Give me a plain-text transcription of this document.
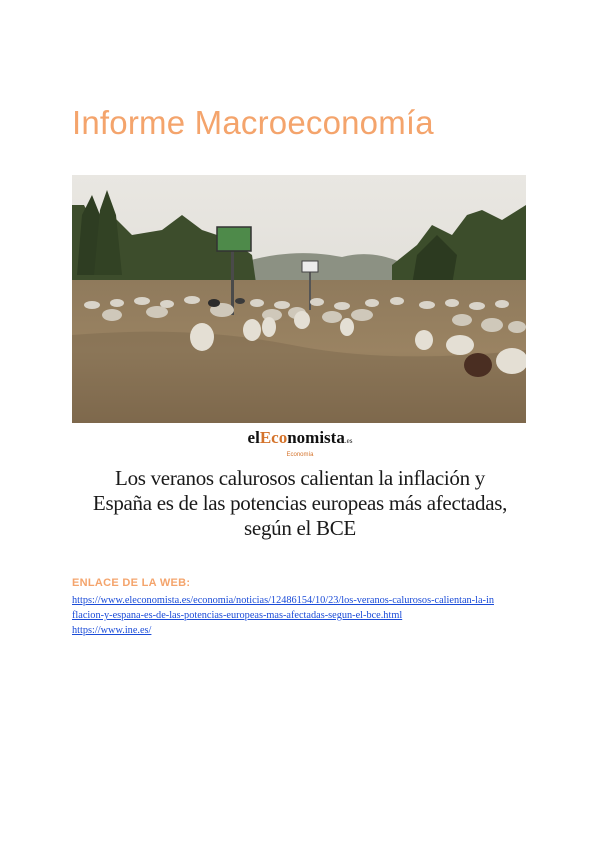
Informe Macroeconomía
elEconomista.es
Economía
Los veranos calurosos calientan la inflación y
España es de las potencias europeas más afectadas,
según el BCE
ENLACE DE LA WEB:
https://www.eleconomista.es/economia/noticias/12486154/10/23/los-veranos-calurosos-calientan-la-in
flacion-y-espana-es-de-las-potencias-europeas-mas-afectadas-segun-el-bce.html
https://www.ine.es/
